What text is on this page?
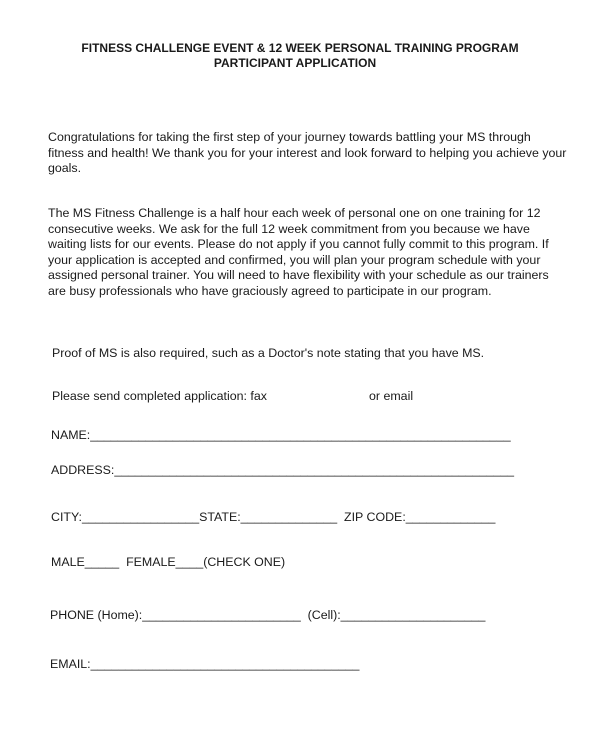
FITNESS CHALLENGE EVENT & 12 WEEK PERSONAL TRAINING PROGRAM

PARTICIPANT APPLICATION

Congratulations for taking the first step of your journey towards battling your MS through fitness and health! We thank you for your interest and look forward to helping you achieve your goals.

The MS Fitness Challenge is a half hour each week of personal one on one training for 12 consecutive weeks. We ask for the full 12 week commitment from you because we have waiting lists for our events. Please do not apply if you cannot fully commit to this program. If your application is accepted and confirmed, you will plan your program schedule with your assigned personal trainer. You will need to have flexibility with your schedule as our trainers are busy professionals who have graciously agreed to participate in our program.

Proof of MS is also required, such as a Doctor's note stating that you have MS.

Please send completed application: fax	or email

NAME:_____________________________________________________________

ADDRESS:__________________________________________________________

CITY:_________________STATE:______________  ZIP CODE:_____________

MALE_____  FEMALE____(CHECK ONE)

PHONE (Home):_______________________  (Cell):_____________________

EMAIL:_______________________________________
